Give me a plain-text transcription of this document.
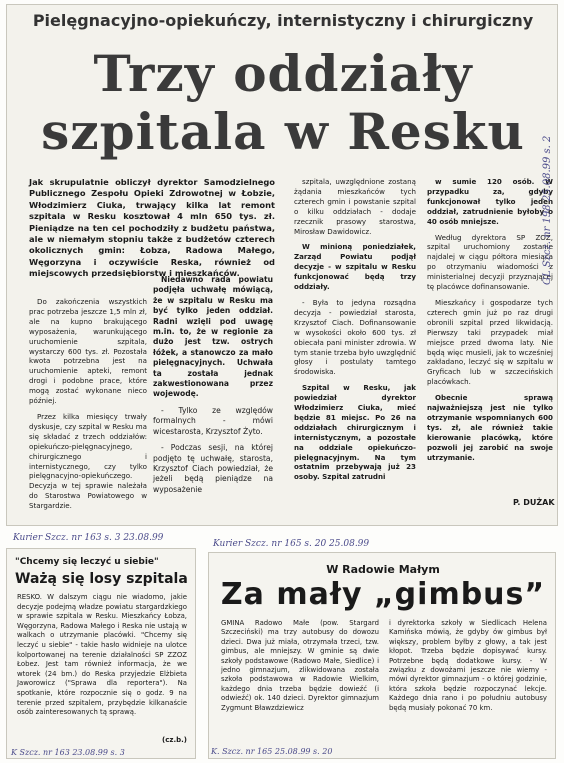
Pielęgnacyjno-opiekuńczy, internistyczny i chirurgiczny
Trzy oddziały
szpitala w Resku
Jak skrupulatnie obliczył dyrektor Samodzielnego Publicznego Zespołu Opieki Zdrowotnej w Łobzie, Włodzimierz Ciuka, trwający kilka lat remont szpitala w Resku kosztował 4 mln 650 tys. zł. Pieniądze na ten cel pochodziły z budżetu państwa, ale w niemałym stopniu także z budżetów czterech okolicznych gmin: Łobza, Radowa Małego, Węgorzyna i oczywiście Reska, również od miejscowych przedsiębiorstw i mieszkańców.

Do zakończenia wszystkich prac potrzeba jeszcze 1,5 mln zł, ale na kupno brakującego wyposażenia, warunkującego uruchomienie szpitala, wystarczy 600 tys. zł. Pozostała kwota potrzebna jest na uruchomienie apteki, remont drogi i podobne prace, które mogą zostać wykonane nieco później.

Przez kilka miesięcy trwały dyskusje, czy szpital w Resku ma się składać z trzech oddziałów: opiekuńczo-pielęgnacyjnego, chirurgicznego i internistycznego, czy tylko pielęgnacyjno-opiekuńczego. Decyzja w tej sprawie należała do Starostwa Powiatowego w Stargardzie.

Niedawno rada powiatu podjęła uchwałę mówiącą, że w szpitalu w Resku ma być tylko jeden oddział. Radni wzięli pod uwagę m.in. to, że w regionie za dużo jest tzw. ostrych łóżek, a stanowczo za mało pielęgnacyjnych. Uchwała ta została jednak zakwestionowana przez wojewodę.

- Tylko ze względów formalnych - mówi wicestarosta, Krzysztof Żyto.

- Podczas sesji, na której podjęto tę uchwałę, starosta, Krzysztof Ciach powiedział, że jeżeli będą pieniądze na wyposażenie

szpitala, uwzględnione zostaną żądania mieszkańców tych czterech gmin i powstanie szpital o kilku oddziałach - dodaje rzecznik prasowy starostwa, Mirosław Dawidowicz.

W minioną poniedziałek, Zarząd Powiatu podjął decyzje - w szpitalu w Resku funkcjonować będą trzy oddziały.

- Była to jedyna rozsądna decyzja - powiedział starosta, Krzysztof Ciach. Dofinansowanie w wysokości około 600 tys. zł obiecała pani minister zdrowia. W tym stanie trzeba było uwzględnić głosy i postulaty tamtego środowiska.

Szpital w Resku, jak powiedział dyrektor Włodzimierz Ciuka, mieć będzie 81 miejsc. Po 26 na oddziałach chirurgicznym i internistycznym, a pozostałe na oddziale opiekuńczo-pielęgnacyjnym. Na tym ostatnim przebywają już 23 osoby. Szpital zatrudni

w sumie 120 osób. W przypadku za, gdyby funkcjonował tylko jeden oddział, zatrudnienie byłoby o 40 osób mniejsze.

Według dyrektora SP ZOZ, szpital uruchomiony zostanie najdalej w ciągu półtora miesiąca po otrzymaniu wiadomości z ministerialnej decyzji przyznającej tę placówce dofinansowanie.

Mieszkańcy i gospodarze tych czterech gmin już po raz drugi obronili szpital przed likwidacją. Pierwszy taki przypadek miał miejsce przed dwoma laty. Nie będą więc musieli, jak to wcześniej zakładano, leczyć się w szpitalu w Gryficach lub w szczecińskich placówkach.

Obecnie sprawą najważniejszą jest nie tylko otrzymanie wspomnianych 600 tys. zł, ale również takie kierowanie placówką, które pozwoli jej zarobić na swoje utrzymanie.

P. DUŻAK
GL Szcz. nr 198 25.08.99 s. 2
Kurier Szcz. nr 163 s. 3 23.08.99
"Chcemy się leczyć u siebie"
Ważą się losy szpitala
RESKO. W dalszym ciągu nie wiadomo, jakie decyzje podejmą władze powiatu stargardzkiego w sprawie szpitala w Resku. Mieszkańcy Łobza, Węgorzyna, Radowa Małego i Reska nie ustają w walkach o utrzymanie placówki. "Chcemy się leczyć u siebie" - takie hasło widnieje na ulotce kolportowanej na terenie działalności SP ZZOZ Łobez. Jest tam również informacja, że we wtorek (24 bm.) do Reska przyjedzie Elżbieta Jaworowicz ("Sprawa dla reportera"). Na spotkanie, które rozpocznie się o godz. 9 na terenie przed szpitalem, przybędzie kilkanaście osób zainteresowanych tą sprawą.
(cz.b.)
K Szcz. nr 163 23.08.99 s. 3
Kurier Szcz. nr 165 s. 20 25.08.99
W Radowie Małym
Za mały „gimbus”
GMINA Radowo Małe (pow. Stargard Szczeciński) ma trzy autobusy do dowozu dzieci. Dwa już miała, otrzymała trzeci, tzw. gimbus, ale mniejszy. W gminie są dwie szkoły podstawowe (Radowo Małe, Siedlice) i jedno gimnazjum, zlikwidowana została szkoła podstawowa w Radowie Wielkim, każdego dnia trzeba będzie dowieźć (i odwieźć) ok. 140 dzieci. Dyrektor gimnazjum Zygmunt Bławzdziewicz
i dyrektorka szkoły w Siedlicach Helena Kamińska mówią, że gdyby ów gimbus był większy, problem byłby z głowy, a tak jest kłopot. Trzeba będzie dopisywać kursy. Potrzebne będą dodatkowe kursy. - W związku z dowożami jeszcze nie wiemy - mówi dyrektor gimnazjum - o której godzinie, która szkoła będzie rozpoczynać lekcje. Każdego dnia rano i po południu autobusy będą musiały pokonać 70 km.
K. Szcz. nr 165 25.08.99 s. 20
